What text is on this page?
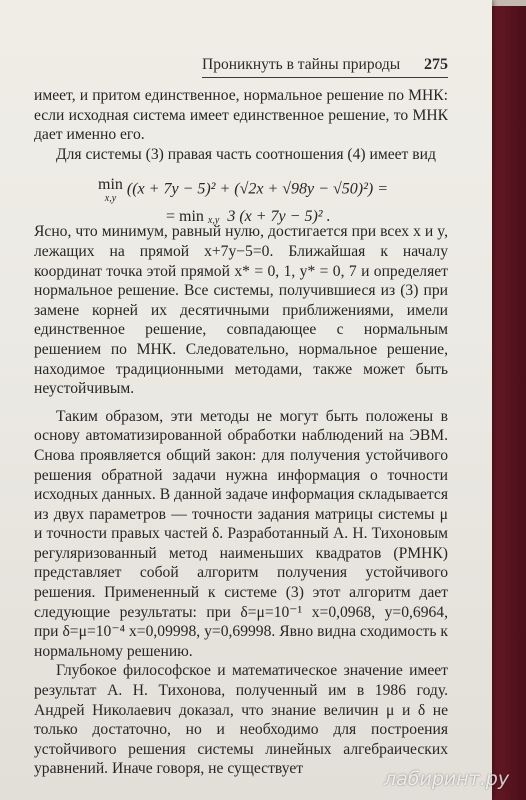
Проникнуть в тайны природы 275

имеет, и притом единственное, нормальное решение по МНК: если исходная система имеет единственное решение, то МНК дает именно его.

Для системы (3) правая часть соотношения (4) имеет вид

Ясно, что минимум, равный нулю, достигается при всех x и y, лежащих на прямой x+7y−5=0. Ближайшая к началу координат точка этой прямой x* = 0, 1, y* = 0, 7 и определяет нормальное решение. Все системы, получившиеся из (3) при замене корней их десятичными приближениями, имели единственное решение, совпадающее с нормальным решением по МНК. Следовательно, нормальное решение, находимое традиционными методами, также может быть неустойчивым.

Таким образом, эти методы не могут быть положены в основу автоматизированной обработки наблюдений на ЭВМ. Снова проявляется общий закон: для получения устойчивого решения обратной задачи нужна информация о точности исходных данных. В данной задаче информация складывается из двух параметров — точности задания матрицы системы μ и точности правых частей δ. Разработанный А. Н. Тихоновым регуляризованный метод наименьших квадратов (РМНК) представляет собой алгоритм получения устойчивого решения. Примененный к системе (3) этот алгоритм дает следующие результаты: при δ=μ=10⁻¹ x=0,0968, y=0,6964, при δ=μ=10⁻⁴ x=0,09998, y=0,69998. Явно видна сходимость к нормальному решению.

Глубокое философское и математическое значение имеет результат А. Н. Тихонова, полученный им в 1986 году. Андрей Николаевич доказал, что знание величин μ и δ не только достаточно, но и необходимо для построения устойчивого решения системы линейных алгебраических уравнений. Иначе говоря, не существует

min
x,y
((x + 7y − 5)² + (√2x + √98y − √50)²) =
= min x,y 3 (x + 7y − 5)² .
лабиринт.ру
